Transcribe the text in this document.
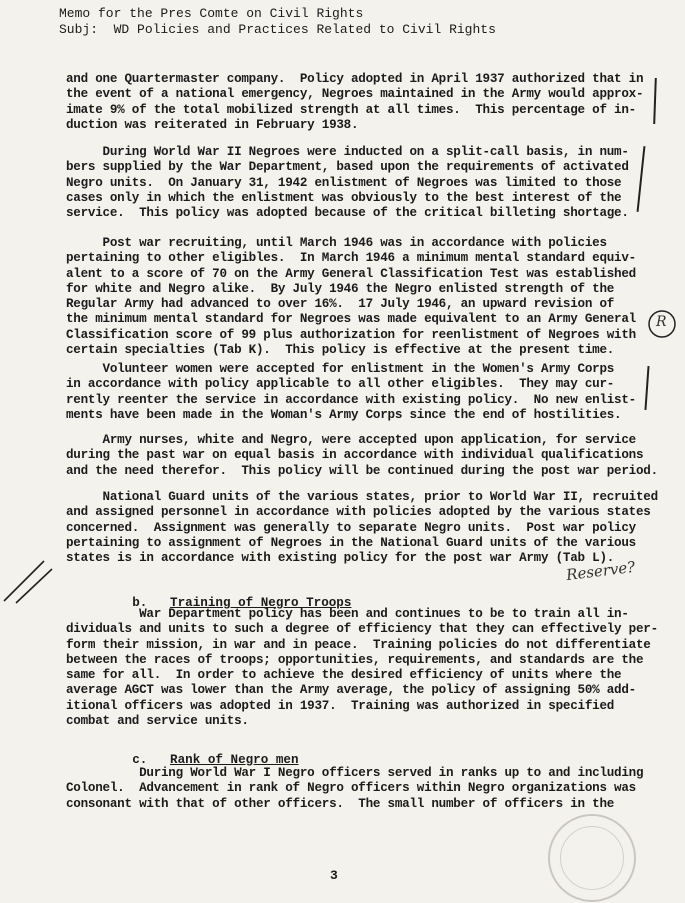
Memo for the Pres Comte on Civil Rights
Subj:  WD Policies and Practices Related to Civil Rights
and one Quartermaster company.  Policy adopted in April 1937 authorized that in
the event of a national emergency, Negroes maintained in the Army would approx-
imate 9% of the total mobilized strength at all times.  This percentage of in-
duction was reiterated in February 1938.
During World War II Negroes were inducted on a split-call basis, in num-
bers supplied by the War Department, based upon the requirements of activated
Negro units.  On January 31, 1942 enlistment of Negroes was limited to those
cases only in which the enlistment was obviously to the best interest of the
service.  This policy was adopted because of the critical billeting shortage.
Post war recruiting, until March 1946 was in accordance with policies
pertaining to other eligibles.  In March 1946 a minimum mental standard equiv-
alent to a score of 70 on the Army General Classification Test was established
for white and Negro alike.  By July 1946 the Negro enlisted strength of the
Regular Army had advanced to over 16%.  17 July 1946, an upward revision of
the minimum mental standard for Negroes was made equivalent to an Army General
Classification score of 99 plus authorization for reenlistment of Negroes with
certain specialties (Tab K).  This policy is effective at the present time.
Volunteer women were accepted for enlistment in the Women's Army Corps
in accordance with policy applicable to all other eligibles.  They may cur-
rently reenter the service in accordance with existing policy.  No new enlist-
ments have been made in the Woman's Army Corps since the end of hostilities.
Army nurses, white and Negro, were accepted upon application, for service
during the past war on equal basis in accordance with individual qualifications
and the need therefor.  This policy will be continued during the post war period.
National Guard units of the various states, prior to World War II, recruited
and assigned personnel in accordance with policies adopted by the various states
concerned.  Assignment was generally to separate Negro units.  Post war policy
pertaining to assignment of Negroes in the National Guard units of the various
states is in accordance with existing policy for the post war Army (Tab L).

b. Training of Negro Troops

War Department policy has been and continues to be to train all in-
dividuals and units to such a degree of efficiency that they can effectively per-
form their mission, in war and in peace.  Training policies do not differentiate
between the races of troops; opportunities, requirements, and standards are the
same for all.  In order to achieve the desired efficiency of units where the
average AGCT was lower than the Army average, the policy of assigning 50% add-
itional officers was adopted in 1937.  Training was authorized in specified
combat and service units.

c. Rank of Negro men

During World War I Negro officers served in ranks up to and including
Colonel.  Advancement in rank of Negro officers within Negro organizations was
consonant with that of other officers.  The small number of officers in the
R
Reserve?
3
